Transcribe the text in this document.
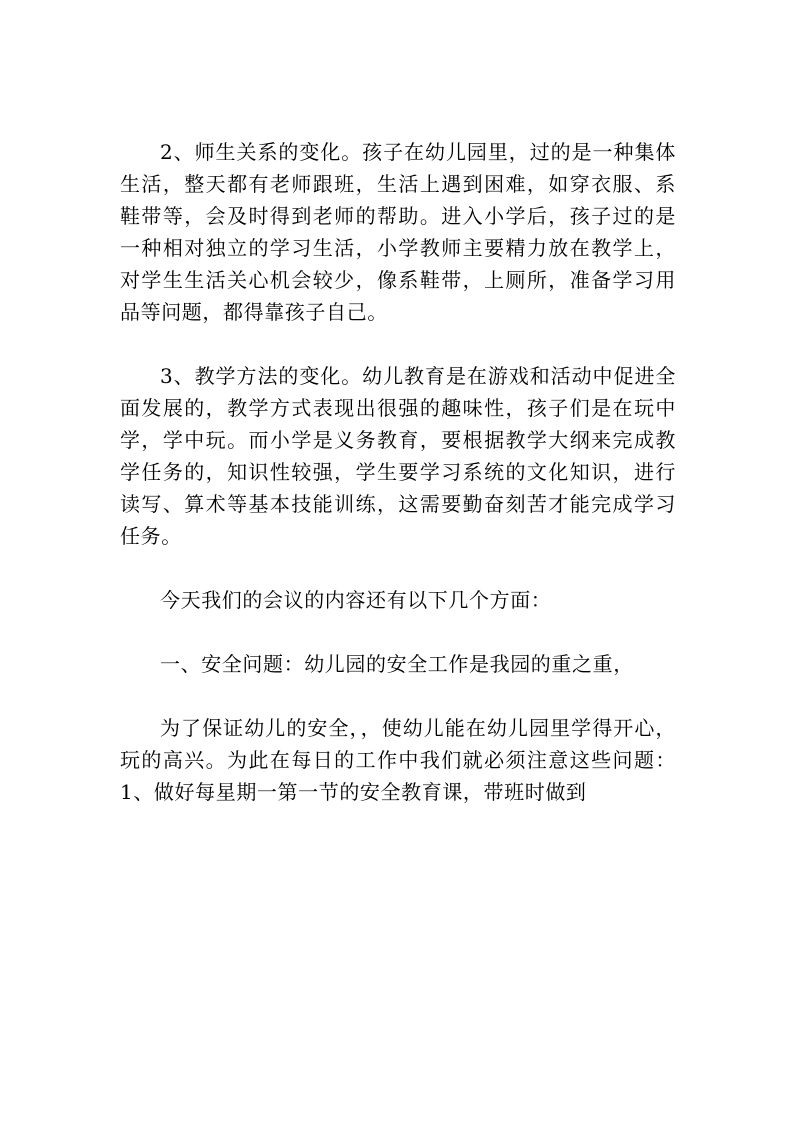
2、师生关系的变化。孩子在幼儿园里，过的是一种集体生活，整天都有老师跟班，生活上遇到困难，如穿衣服、系鞋带等，会及时得到老师的帮助。进入小学后，孩子过的是一种相对独立的学习生活，小学教师主要精力放在教学上，对学生生活关心机会较少，像系鞋带，上厕所，准备学习用品等问题，都得靠孩子自己。

3、教学方法的变化。幼儿教育是在游戏和活动中促进全面发展的，教学方式表现出很强的趣味性，孩子们是在玩中学，学中玩。而小学是义务教育，要根据教学大纲来完成教学任务的，知识性较强，学生要学习系统的文化知识，进行读写、算术等基本技能训练，这需要勤奋刻苦才能完成学习任务。

今天我们的会议的内容还有以下几个方面：

一、安全问题：幼儿园的安全工作是我园的重之重，

为了保证幼儿的安全，，使幼儿能在幼儿园里学得开心，玩的高兴。为此在每日的工作中我们就必须注意这些问题：1、做好每星期一第一节的安全教育课，带班时做到
